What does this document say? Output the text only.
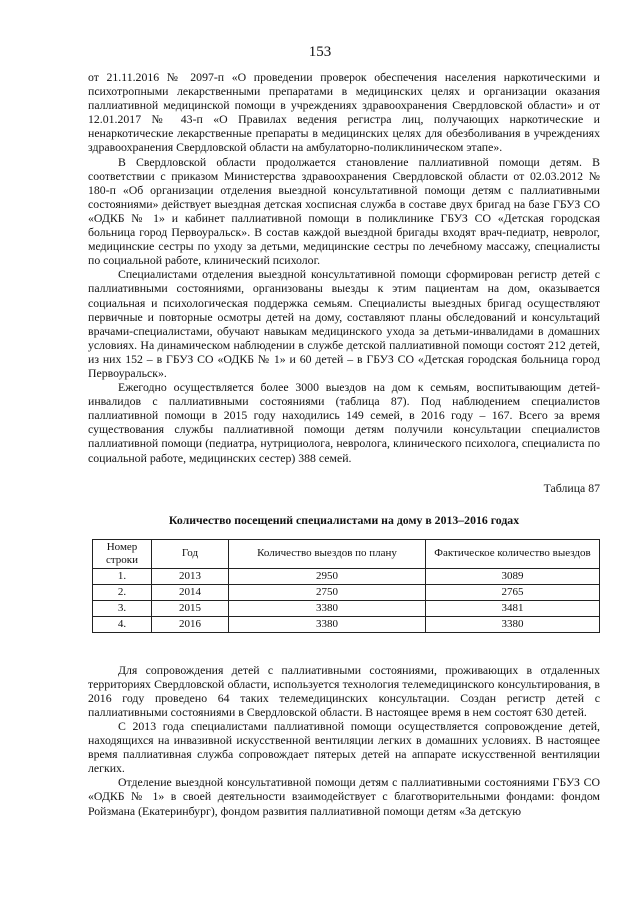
153

от 21.11.2016 № 2097-п «О проведении проверок обеспечения населения наркотическими и психотропными лекарственными препаратами в медицинских целях и организации оказания паллиативной медицинской помощи в учреждениях здравоохранения Свердловской области» и от 12.01.2017 № 43-п «О Правилах ведения регистра лиц, получающих наркотические и ненаркотические лекарственные препараты в медицинских целях для обезболивания в учреждениях здравоохранения Свердловской области на амбулаторно-поликлиническом этапе».

В Свердловской области продолжается становление паллиативной помощи детям. В соответствии с приказом Министерства здравоохранения Свердловской области от 02.03.2012 № 180-п «Об организации отделения выездной консультативной помощи детям с паллиативными состояниями» действует выездная детская хосписная служба в составе двух бригад на базе ГБУЗ СО «ОДКБ № 1» и кабинет паллиативной помощи в поликлинике ГБУЗ СО «Детская городская больница город Первоуральск». В состав каждой выездной бригады входят врач-педиатр, невролог, медицинские сестры по уходу за детьми, медицинские сестры по лечебному массажу, специалисты по социальной работе, клинический психолог.

Специалистами отделения выездной консультативной помощи сформирован регистр детей с паллиативными состояниями, организованы выезды к этим пациентам на дом, оказывается социальная и психологическая поддержка семьям. Специалисты выездных бригад осуществляют первичные и повторные осмотры детей на дому, составляют планы обследований и консультаций врачами-специалистами, обучают навыкам медицинского ухода за детьми-инвалидами в домашних условиях. На динамическом наблюдении в службе детской паллиативной помощи состоят 212 детей, из них 152 – в ГБУЗ СО «ОДКБ № 1» и 60 детей – в ГБУЗ СО «Детская городская больница город Первоуральск».

Ежегодно осуществляется более 3000 выездов на дом к семьям, воспитывающим детей-инвалидов с паллиативными состояниями (таблица 87). Под наблюдением специалистов паллиативной помощи в 2015 году находились 149 семей, в 2016 году – 167. Всего за время существования службы паллиативной помощи детям получили консультации специалистов паллиативной помощи (педиатра, нутрициолога, невролога, клинического психолога, специалиста по социальной работе, медицинских сестер) 388 семей.

Таблица 87
Количество посещений специалистами на дому в 2013–2016 годах
Номер строки	Год	Количество выездов по плану	Фактическое количество выездов
1.	2013	2950	3089
2.	2014	2750	2765
3.	2015	3380	3481
4.	2016	3380	3380

Для сопровождения детей с паллиативными состояниями, проживающих в отдаленных территориях Свердловской области, используется технология телемедицинского консультирования, в 2016 году проведено 64 таких телемедицинских консультации. Создан регистр детей с паллиативными состояниями в Свердловской области. В настоящее время в нем состоят 630 детей.

С 2013 года специалистами паллиативной помощи осуществляется сопровождение детей, находящихся на инвазивной искусственной вентиляции легких в домашних условиях. В настоящее время паллиативная служба сопровождает пятерых детей на аппарате искусственной вентиляции легких.

Отделение выездной консультативной помощи детям с паллиативными состояниями ГБУЗ СО «ОДКБ № 1» в своей деятельности взаимодействует с благотворительными фондами: фондом Ройзмана (Екатеринбург), фондом развития паллиативной помощи детям «За детскую
